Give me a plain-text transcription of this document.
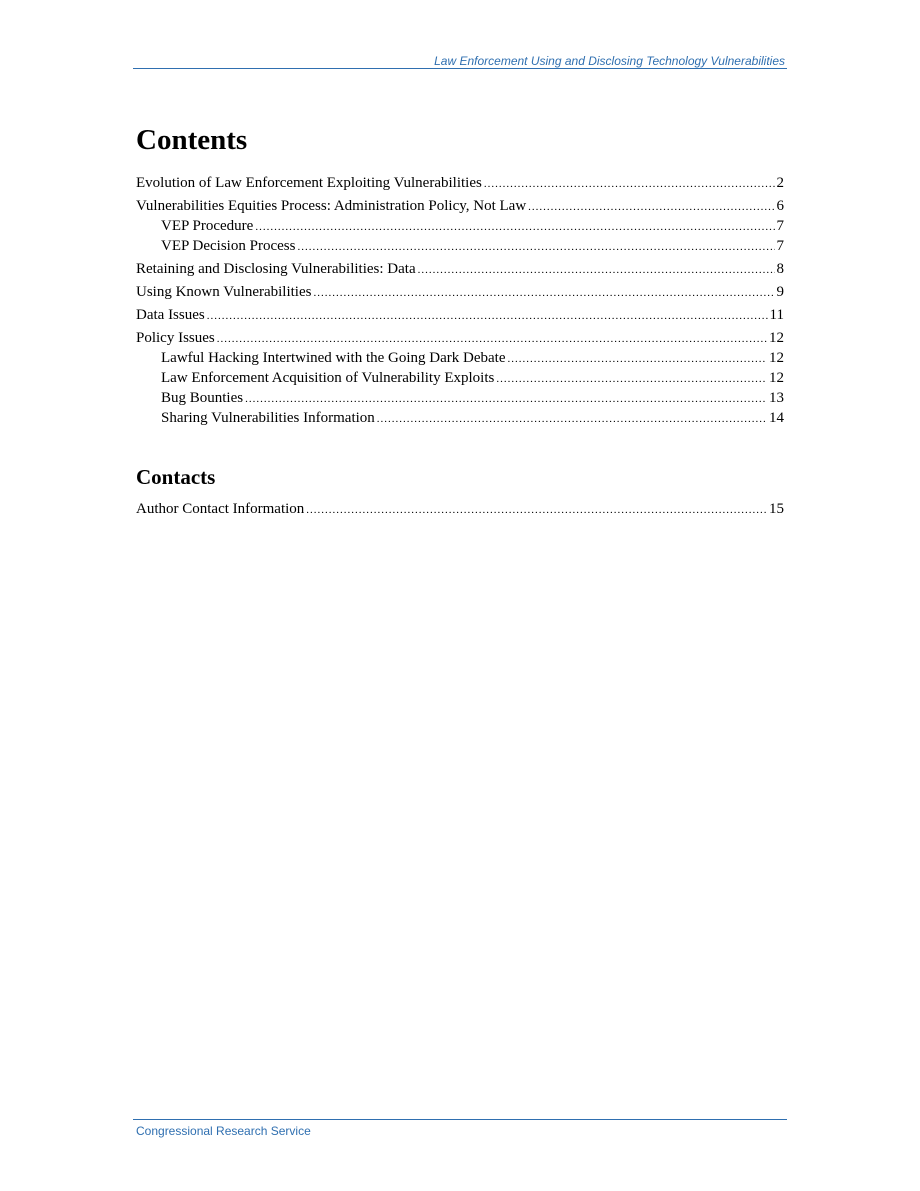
Law Enforcement Using and Disclosing Technology Vulnerabilities
Contents
Evolution of Law Enforcement Exploiting Vulnerabilities .....	2
Vulnerabilities Equities Process: Administration Policy, Not Law .....	6
VEP Procedure .....	7
VEP Decision Process .....	7
Retaining and Disclosing Vulnerabilities: Data .....	8
Using Known Vulnerabilities .....	9
Data Issues .....	11
Policy Issues .....	12
Lawful Hacking Intertwined with the Going Dark Debate .....	12
Law Enforcement Acquisition of Vulnerability Exploits .....	12
Bug Bounties .....	13
Sharing Vulnerabilities Information .....	14
Contacts
Author Contact Information .....	15
Congressional Research Service
